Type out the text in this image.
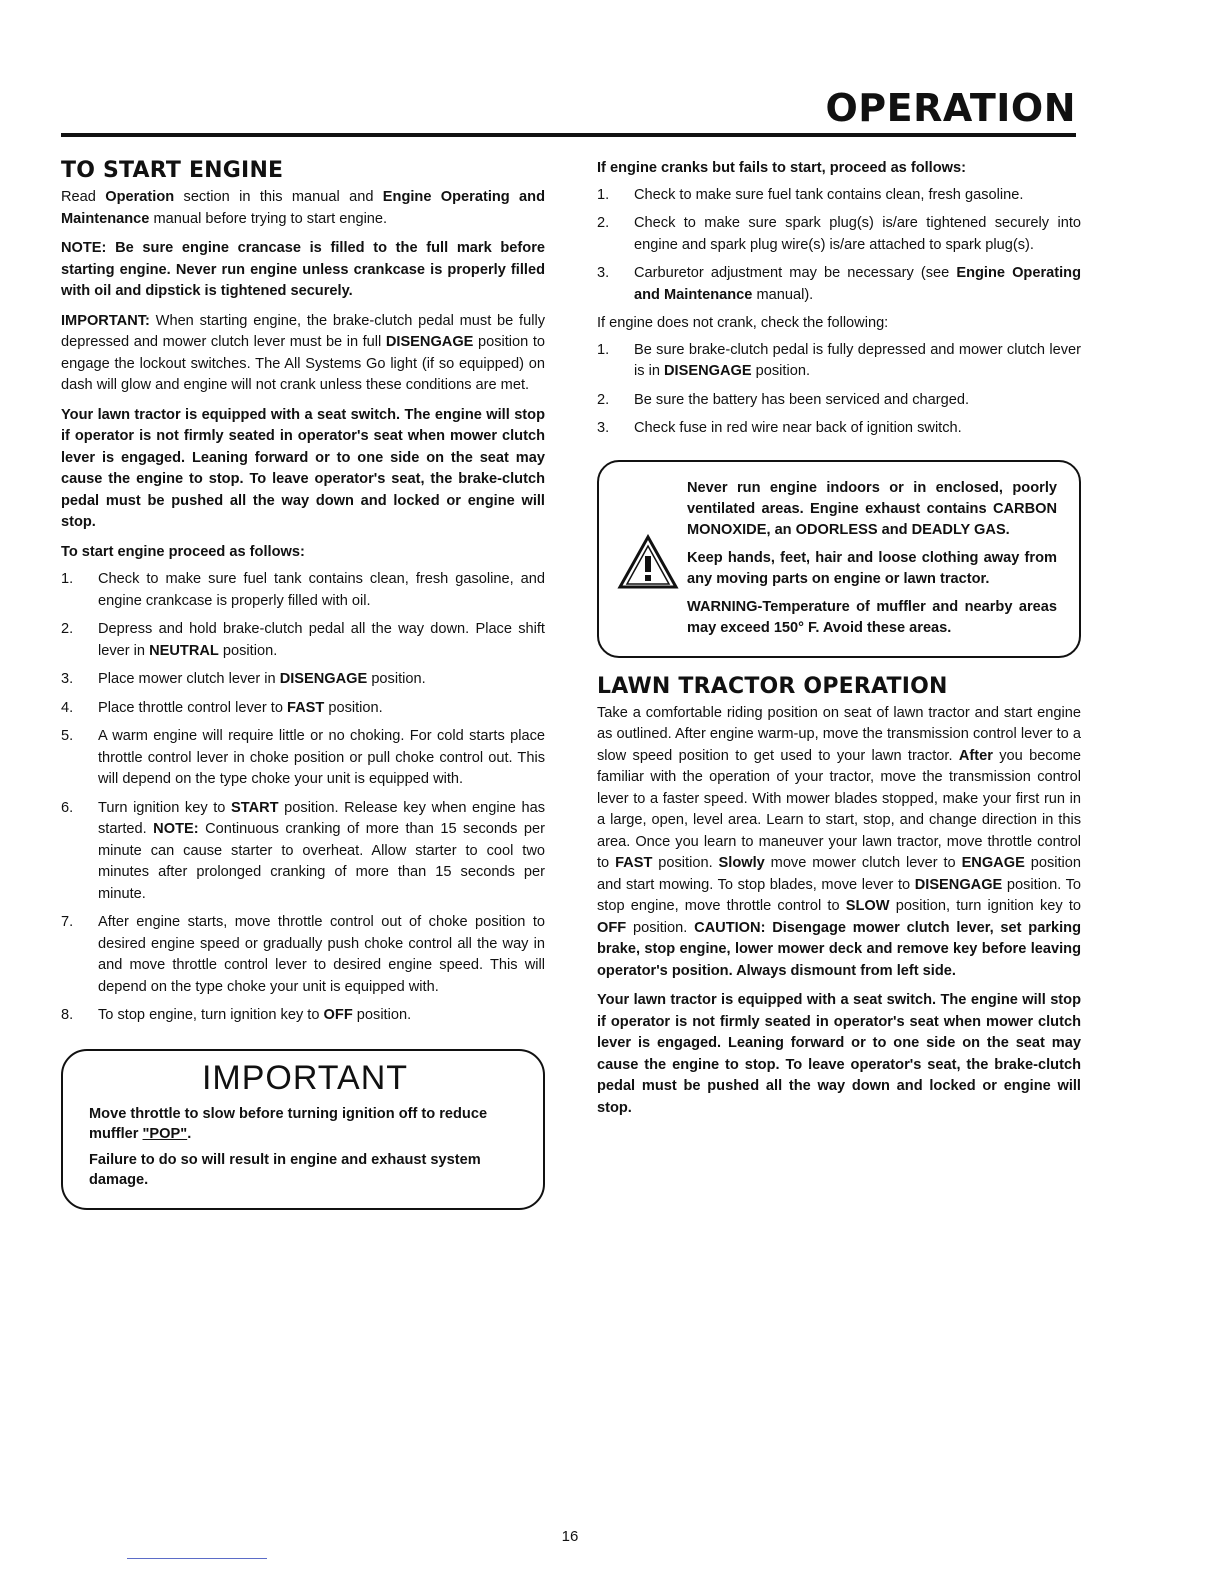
OPERATION
TO START ENGINE

Read Operation section in this manual and Engine Operating and Maintenance manual before trying to start engine.

NOTE: Be sure engine crancase is filled to the full mark before starting engine. Never run engine unless crankcase is properly filled with oil and dipstick is tightened securely.

IMPORTANT: When starting engine, the brake-clutch pedal must be fully depressed and mower clutch lever must be in full DISENGAGE position to engage the lockout switches. The All Systems Go light (if so equipped) on dash will glow and engine will not crank unless these conditions are met.

Your lawn tractor is equipped with a seat switch. The engine will stop if operator is not firmly seated in operator's seat when mower clutch lever is engaged. Leaning forward or to one side on the seat may cause the engine to stop. To leave operator's seat, the brake-clutch pedal must be pushed all the way down and locked or engine will stop.

To start engine proceed as follows:

1.	Check to make sure fuel tank contains clean, fresh gasoline, and engine crankcase is properly filled with oil.
2.	Depress and hold brake-clutch pedal all the way down. Place shift lever in NEUTRAL position.
3.	Place mower clutch lever in DISENGAGE position.
4.	Place throttle control lever to FAST position.
5.	A warm engine will require little or no choking. For cold starts place throttle control lever in choke position or pull choke control out. This will depend on the type choke your unit is equipped with.
6.	Turn ignition key to START position. Release key when engine has started. NOTE: Continuous cranking of more than 15 seconds per minute can cause starter to overheat. Allow starter to cool two minutes after prolonged cranking of more than 15 seconds per minute.
7.	After engine starts, move throttle control out of choke position to desired engine speed or gradually push choke control all the way in and move throttle control lever to desired engine speed. This will depend on the type choke your unit is equipped with.
8.	To stop engine, turn ignition key to OFF position.
IMPORTANT

Move throttle to slow before turning ignition off to reduce muffler "POP".

Failure to do so will result in engine and exhaust system damage.

If engine cranks but fails to start, proceed as follows:

1.	Check to make sure fuel tank contains clean, fresh gasoline.
2.	Check to make sure spark plug(s) is/are tightened securely into engine and spark plug wire(s) is/are attached to spark plug(s).
3.	Carburetor adjustment may be necessary (see Engine Operating and Maintenance manual).

If engine does not crank, check the following:

1.	Be sure brake-clutch pedal is fully depressed and mower clutch lever is in DISENGAGE position.
2.	Be sure the battery has been serviced and charged.
3.	Check fuse in red wire near back of ignition switch.

Never run engine indoors or in enclosed, poorly ventilated areas. Engine exhaust contains CARBON MONOXIDE, an ODORLESS and DEADLY GAS.

Keep hands, feet, hair and loose clothing away from any moving parts on engine or lawn tractor.

WARNING-Temperature of muffler and nearby areas may exceed 150° F. Avoid these areas.

LAWN TRACTOR OPERATION

Take a comfortable riding position on seat of lawn tractor and start engine as outlined. After engine warm-up, move the transmission control lever to a slow speed position to get used to your lawn tractor. After you become familiar with the operation of your tractor, move the transmission control lever to a faster speed. With mower blades stopped, make your first run in a large, open, level area. Learn to start, stop, and change direction in this area. Once you learn to maneuver your lawn tractor, move throttle control to FAST position. Slowly move mower clutch lever to ENGAGE position and start mowing. To stop blades, move lever to DISENGAGE position. To stop engine, move throttle control to SLOW position, turn ignition key to OFF position. CAUTION: Disengage mower clutch lever, set parking brake, stop engine, lower mower deck and remove key before leaving operator's position. Always dismount from left side.

Your lawn tractor is equipped with a seat switch. The engine will stop if operator is not firmly seated in operator's seat when mower clutch lever is engaged. Leaning forward or to one side on the seat may cause the engine to stop. To leave operator's seat, the brake-clutch pedal must be pushed all the way down and locked or engine will stop.

16
